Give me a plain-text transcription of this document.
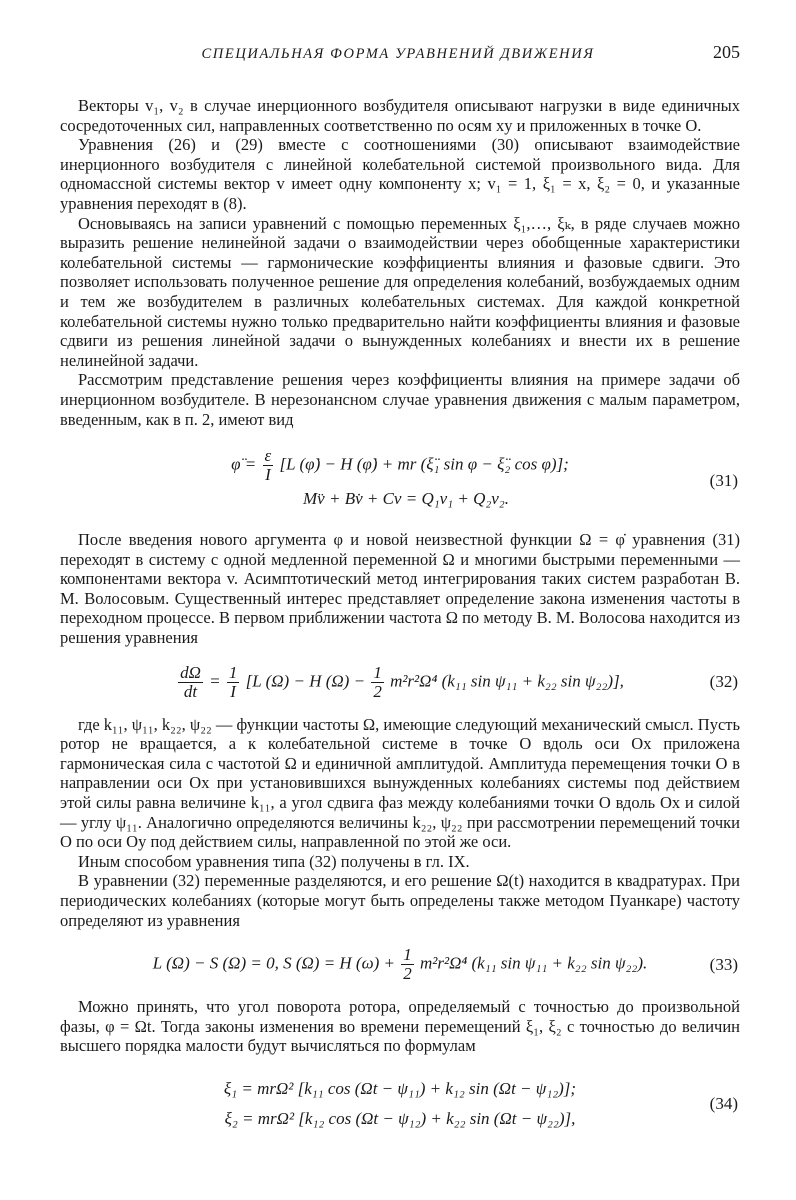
СПЕЦИАЛЬНАЯ ФОРМА УРАВНЕНИЙ ДВИЖЕНИЯ	205

Векторы v₁, v₂ в случае инерционного возбудителя описывают нагрузки в виде единичных сосредоточенных сил, направленных соответственно по осям xy и приложенных в точке O.

Уравнения (26) и (29) вместе с соотношениями (30) описывают взаимодействие инерционного возбудителя с линейной колебательной системой произвольного вида. Для одномассной системы вектор v имеет одну компоненту x; v₁ = 1, ξ₁ = x, ξ₂ = 0, и указанные уравнения переходят в (8).

Основываясь на записи уравнений с помощью переменных ξ₁,…, ξₖ, в ряде случаев можно выразить решение нелинейной задачи о взаимодействии через обобщенные характеристики колебательной системы — гармонические коэффициенты влияния и фазовые сдвиги. Это позволяет использовать полученное решение для определения колебаний, возбуждаемых одним и тем же возбудителем в различных колебательных системах. Для каждой конкретной колебательной системы нужно только предварительно найти коэффициенты влияния и фазовые сдвиги из решения линейной задачи о вынужденных колебаниях и внести их в решение нелинейной задачи.

Рассмотрим представление решения через коэффициенты влияния на примере задачи об инерционном возбудителе. В нерезонансном случае уравнения движения с малым параметром, введенным, как в п. 2, имеют вид

φ̈ = $\frac{\varepsilon}{I} [L$ (φ̇) − H (φ̇) + mr (ξ̈₁ sin φ − ξ̈₂ cos φ)];
Mv̈ + Bv̇ + Cv = Q₁v₁ + Q₂v₂.
(31)

После введения нового аргумента φ и новой неизвестной функции Ω = φ̇ уравнения (31) переходят в систему с одной медленной переменной Ω и многими быстрыми переменными — компонентами вектора v. Асимптотический метод интегрирования таких систем разработан В. М. Волосовым. Существенный интерес представляет определение закона изменения частоты в переходном процессе. В первом приближении частота Ω по методу В. М. Волосова находится из решения уравнения

$\frac{d\Omega}{dt} = \frac{1}{I} [L$ (Ω) − H $(\Omega) - \frac{1}{2} m^2r^2\Omega^4$ (k₁₁ sin ψ₁₁ + k₂₂ sin ψ₂₂)],	(32)

где k₁₁, ψ₁₁, k₂₂, ψ₂₂ — функции частоты Ω, имеющие следующий механический смысл. Пусть ротор не вращается, а к колебательной системе в точке O вдоль оси Ox приложена гармоническая сила с частотой Ω и единичной амплитудой. Амплитуда перемещения точки O в направлении оси Ox при установившихся вынужденных колебаниях системы под действием этой силы равна величине k₁₁, а угол сдвига фаз между колебаниями точки O вдоль Ox и силой — углу ψ₁₁. Аналогично определяются величины k₂₂, ψ₂₂ при рассмотрении перемещений точки O по оси Oy под действием силы, направленной по этой же оси.

Иным способом уравнения типа (32) получены в гл. IX.

В уравнении (32) переменные разделяются, и его решение Ω(t) находится в квадратурах. При периодических колебаниях (которые могут быть определены также методом Пуанкаре) частоту определяют из уравнения

L (Ω) − S (Ω) = 0, S (Ω) = H $(\omega) + \frac{1}{2} m^2r^2\Omega^4$ (k₁₁ sin ψ₁₁ + k₂₂ sin ψ₂₂).	(33)

Можно принять, что угол поворота ротора, определяемый с точностью до произвольной фазы, φ = Ωt. Тогда законы изменения во времени перемещений ξ₁, ξ₂ с точностью до величин высшего порядка малости будут вычисляться по формулам

ξ₁ = mrΩ² [k₁₁ cos (Ωt − ψ₁₁) + k₁₂ sin (Ωt − ψ₁₂)];
ξ₂ = mrΩ² [k₁₂ cos (Ωt − ψ₁₂) + k₂₂ sin (Ωt − ψ₂₂)],
(34)
